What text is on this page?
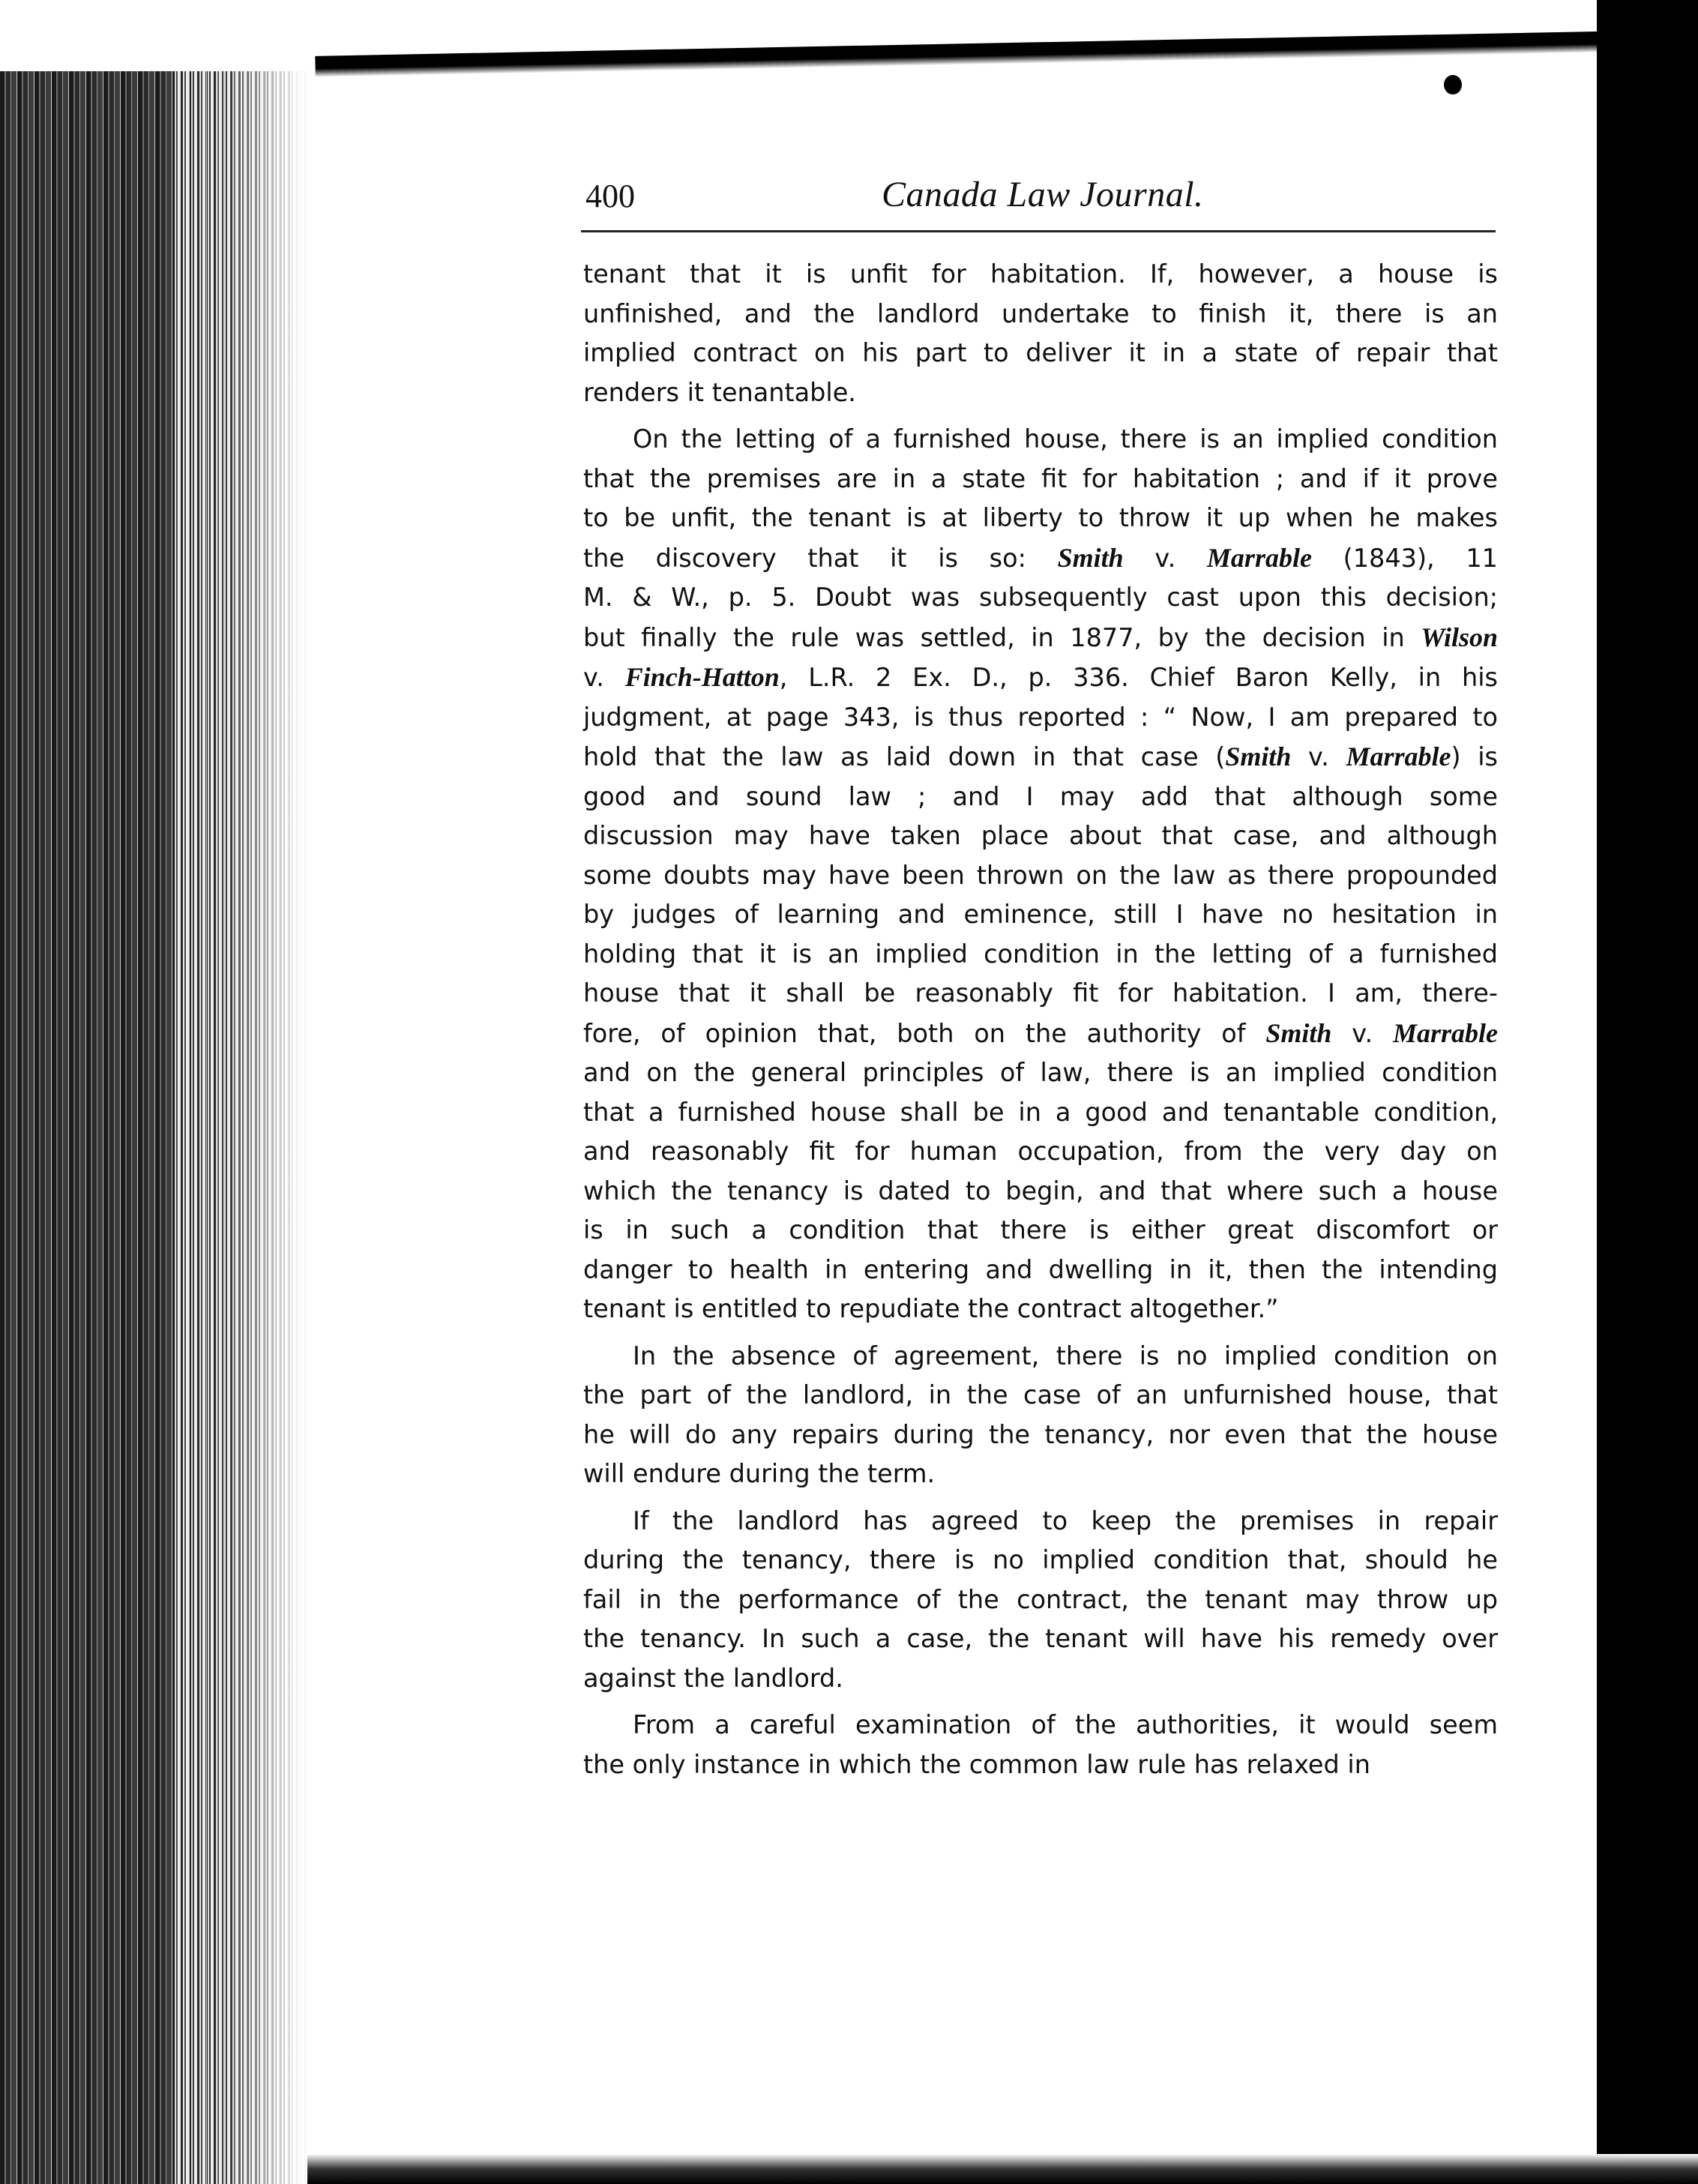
400	Canada Law Journal.
tenant that it is unfit for habitation. If, however, a house is
unfinished, and the landlord undertake to finish it, there is an
implied contract on his part to deliver it in a state of repair that
renders it tenantable.
On the letting of a furnished house, there is an implied condition
that the premises are in a state fit for habitation ; and if it prove
to be unfit, the tenant is at liberty to throw it up when he makes
the discovery that it is so: Smith v. Marrable (1843), 11
M. & W., p. 5. Doubt was subsequently cast upon this decision;
but finally the rule was settled, in 1877, by the decision in Wilson
v. Finch-Hatton, L.R. 2 Ex. D., p. 336. Chief Baron Kelly, in his
judgment, at page 343, is thus reported : “ Now, I am prepared to
hold that the law as laid down in that case (Smith v. Marrable) is
good and sound law ; and I may add that although some
discussion may have taken place about that case, and although
some doubts may have been thrown on the law as there propounded
by judges of learning and eminence, still I have no hesitation in
holding that it is an implied condition in the letting of a furnished
house that it shall be reasonably fit for habitation. I am, there-
fore, of opinion that, both on the authority of Smith v. Marrable
and on the general principles of law, there is an implied condition
that a furnished house shall be in a good and tenantable condition,
and reasonably fit for human occupation, from the very day on
which the tenancy is dated to begin, and that where such a house
is in such a condition that there is either great discomfort or
danger to health in entering and dwelling in it, then the intending
tenant is entitled to repudiate the contract altogether.”
In the absence of agreement, there is no implied condition on
the part of the landlord, in the case of an unfurnished house, that
he will do any repairs during the tenancy, nor even that the house
will endure during the term.
If the landlord has agreed to keep the premises in repair
during the tenancy, there is no implied condition that, should he
fail in the performance of the contract, the tenant may throw up
the tenancy. In such a case, the tenant will have his remedy over
against the landlord.
From a careful examination of the authorities, it would seem
the only instance in which the common law rule has relaxed in
